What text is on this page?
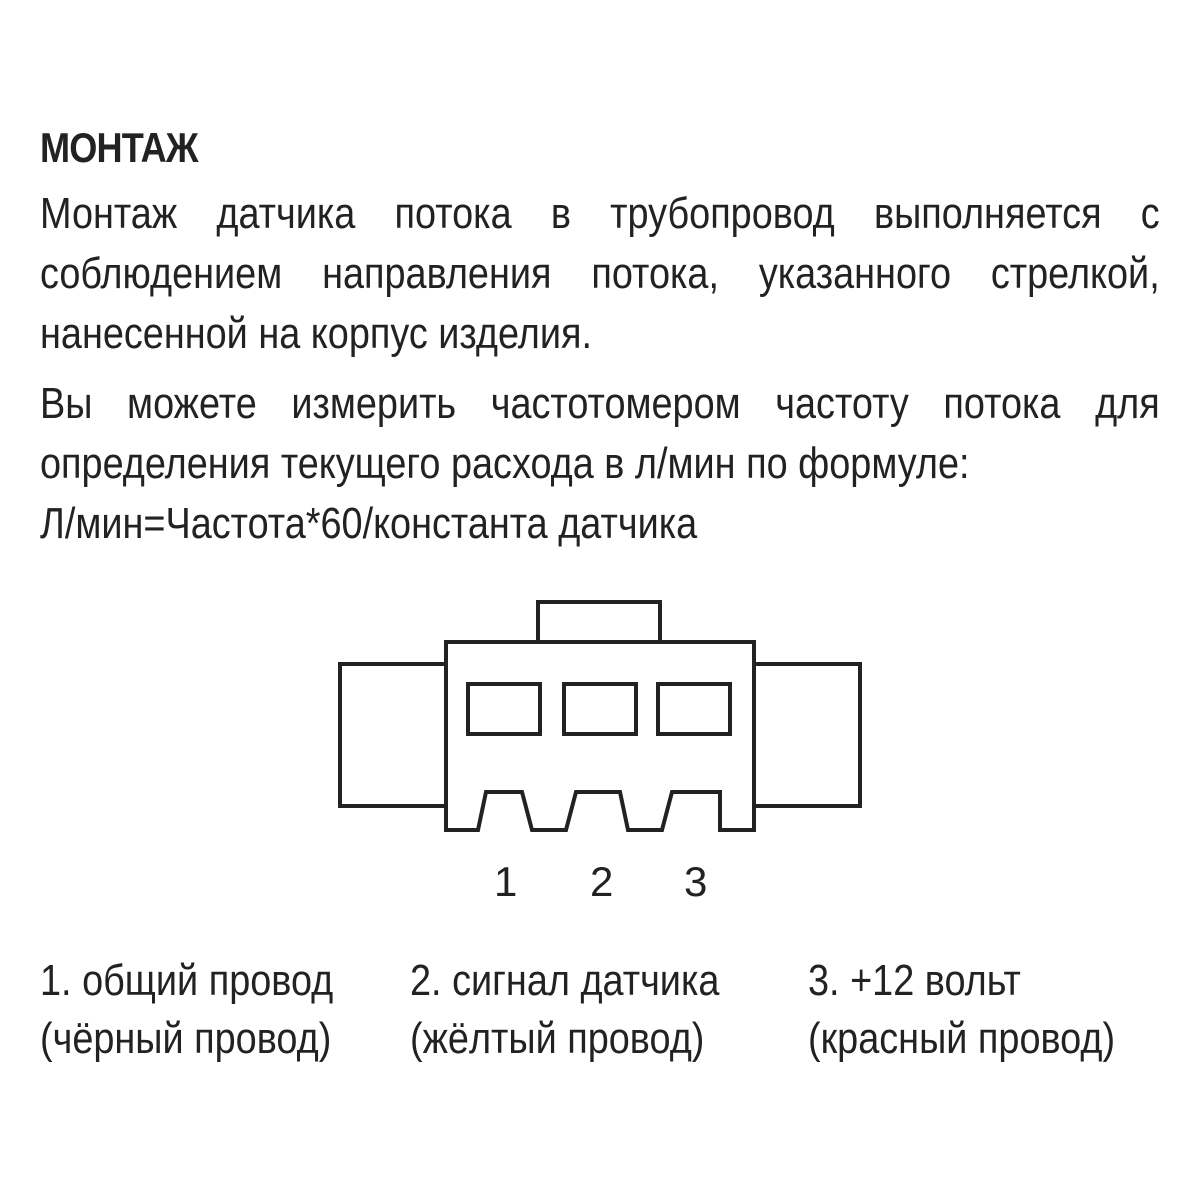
МОНТАЖ
Монтаж датчика потока в трубопровод выполняется с
соблюдением направления потока, указанного стрелкой,
нанесенной на корпус изделия.
Вы можете измерить частотомером частоту потока для
определения текущего расхода в л/мин по формуле:
Л/мин=Частота*60/константа датчика
1 2 3
1. общий провод
(чёрный провод)
2. сигнал датчика
(жёлтый провод)
3. +12 вольт
(красный провод)
